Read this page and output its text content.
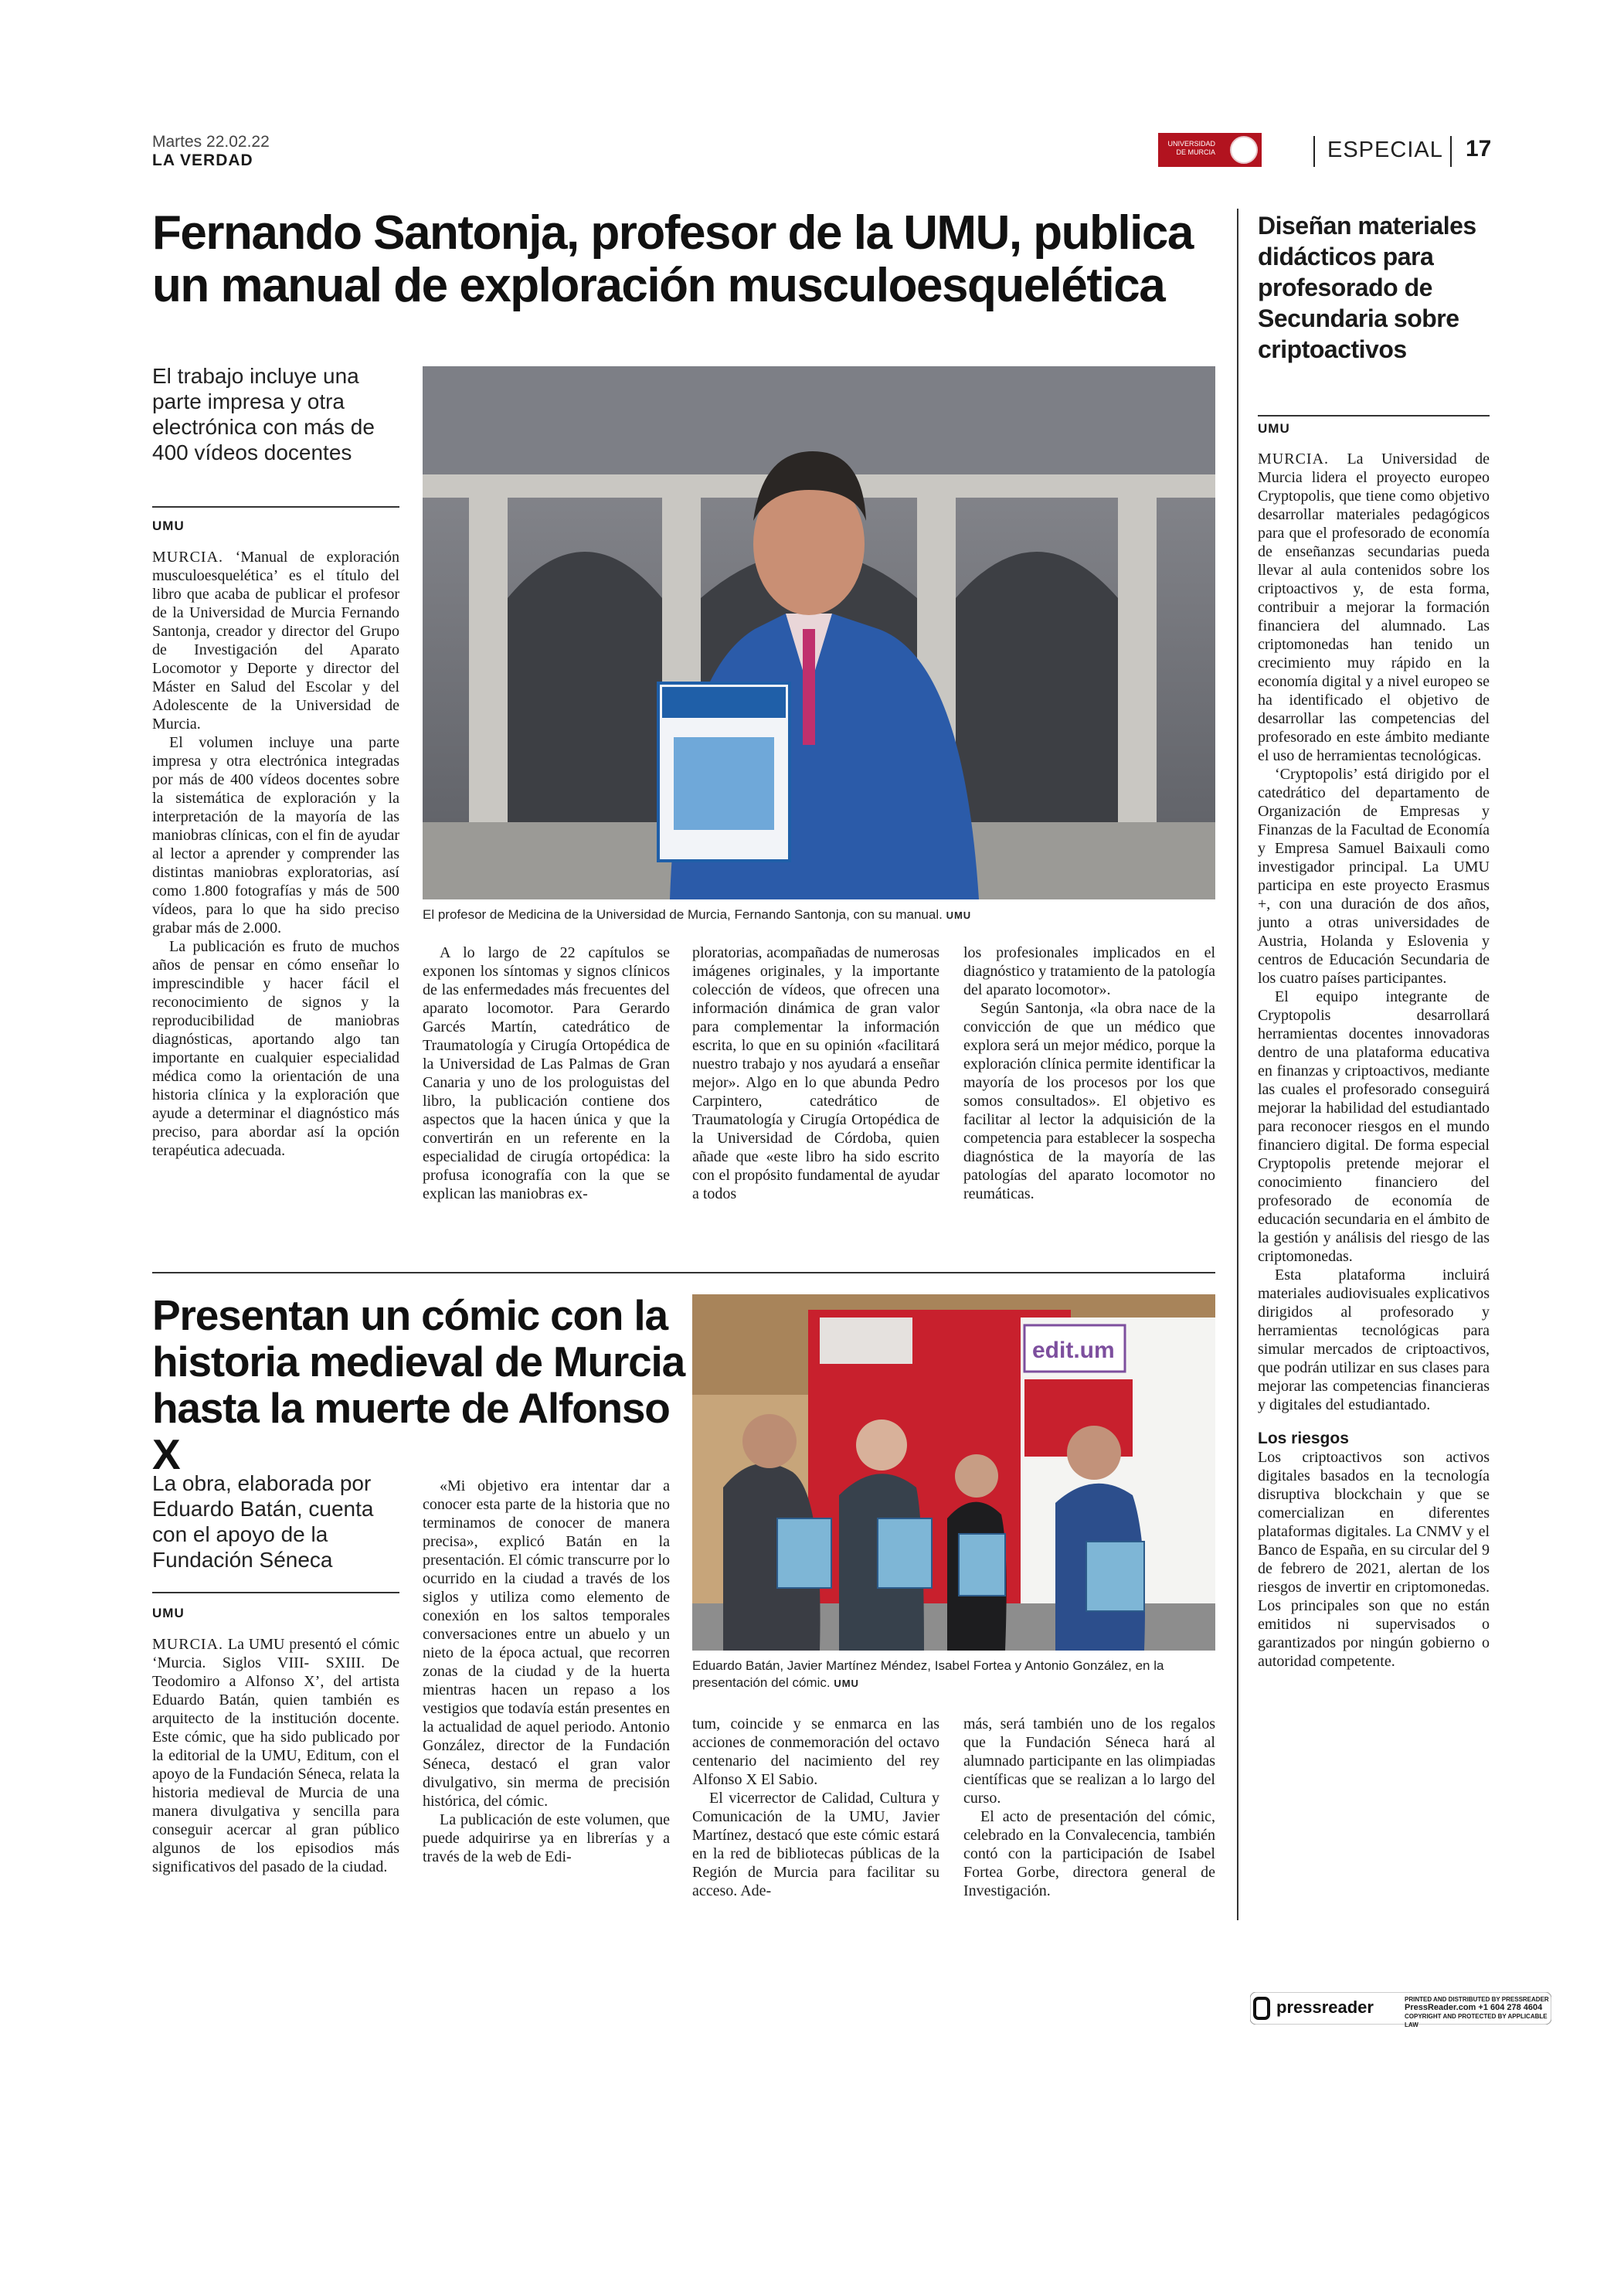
Martes 22.02.22
LA VERDAD
UNIVERSIDAD DE MURCIA	ESPECIAL 17
Fernando Santonja, profesor de la UMU, publica un manual de exploración musculoesquelética
El trabajo incluye una parte impresa y otra electrónica con más de 400 vídeos docentes
UMU

MURCIA. ‘Manual de exploración musculoesquelética’ es el título del libro que acaba de publicar el profesor de la Universidad de Murcia Fernando Santonja, creador y director del Grupo de Investigación del Aparato Locomotor y Deporte y director del Máster en Salud del Escolar y del Adolescente de la Universidad de Murcia.

El volumen incluye una parte impresa y otra electrónica integradas por más de 400 vídeos docentes sobre la sistemática de exploración y la interpretación de la mayoría de las maniobras clínicas, con el fin de ayudar al lector a aprender y comprender las distintas maniobras exploratorias, así como 1.800 fotografías y más de 500 vídeos, para lo que ha sido preciso grabar más de 2.000.

La publicación es fruto de muchos años de pensar en cómo enseñar lo imprescindible y hacer fácil el reconocimiento de signos y la reproducibilidad de maniobras diagnósticas, aportando algo tan importante en cualquier especialidad médica como la orientación de una historia clínica y la exploración que ayude a determinar el diagnóstico más preciso, para abordar así la opción terapéutica adecuada.

El profesor de Medicina de la Universidad de Murcia, Fernando Santonja, con su manual. UMU

A lo largo de 22 capítulos se exponen los síntomas y signos clínicos de las enfermedades más frecuentes del aparato locomotor. Para Gerardo Garcés Martín, catedrático de Traumatología y Cirugía Ortopédica de la Universidad de Las Palmas de Gran Canaria y uno de los prologuistas del libro, la publicación contiene dos aspectos que la hacen única y que la convertirán en un referente en la especialidad de cirugía ortopédica: la profusa iconografía con la que se explican las maniobras ex-

ploratorias, acompañadas de numerosas imágenes originales, y la importante colección de vídeos, que ofrecen una información dinámica de gran valor para complementar la información escrita, lo que en su opinión «facilitará nuestro trabajo y nos ayudará a enseñar mejor». Algo en lo que abunda Pedro Carpintero, catedrático de Traumatología y Cirugía Ortopédica de la Universidad de Córdoba, quien añade que «este libro ha sido escrito con el propósito fundamental de ayudar a todos

los profesionales implicados en el diagnóstico y tratamiento de la patología del aparato locomotor».

Según Santonja, «la obra nace de la convicción de que un médico que explora será un mejor médico, porque la exploración clínica permite identificar la mayoría de los procesos por los que somos consultados». El objetivo es facilitar al lector la adquisición de la competencia para establecer la sospecha diagnóstica de la mayoría de las patologías del aparato locomotor no reumáticas.

Presentan un cómic con la historia medieval de Murcia hasta la muerte de Alfonso X
La obra, elaborada por Eduardo Batán, cuenta con el apoyo de la Fundación Séneca
UMU

MURCIA. La UMU presentó el cómic ‘Murcia. Siglos VIII- SXIII. De Teodomiro a Alfonso X’, del artista Eduardo Batán, quien también es arquitecto de la institución docente. Este cómic, que ha sido publicado por la editorial de la UMU, Editum, con el apoyo de la Fundación Séneca, relata la historia medieval de Murcia de una manera divulgativa y sencilla para conseguir acercar al gran público algunos de los episodios más significativos del pasado de la ciudad.

«Mi objetivo era intentar dar a conocer esta parte de la historia que no terminamos de conocer de manera precisa», explicó Batán en la presentación. El cómic transcurre por lo ocurrido en la ciudad a través de los siglos y utiliza como elemento de conexión en los saltos temporales conversaciones entre un abuelo y un nieto de la época actual, que recorren zonas de la ciudad y de la huerta mientras hacen un repaso a los vestigios que todavía están presentes en la actualidad de aquel periodo. Antonio González, director de la Fundación Séneca, destacó el gran valor divulgativo, sin merma de precisión histórica, del cómic.

La publicación de este volumen, que puede adquirirse ya en librerías y a través de la web de Edi-

edit.um
Eduardo Batán, Javier Martínez Méndez, Isabel Fortea y Antonio González, en la presentación del cómic. UMU

tum, coincide y se enmarca en las acciones de conmemoración del octavo centenario del nacimiento del rey Alfonso X El Sabio.

El vicerrector de Calidad, Cultura y Comunicación de la UMU, Javier Martínez, destacó que este cómic estará en la red de bibliotecas públicas de la Región de Murcia para facilitar su acceso. Ade-

más, será también uno de los regalos que la Fundación Séneca hará al alumnado participante en las olimpiadas científicas que se realizan a lo largo del curso.

El acto de presentación del cómic, celebrado en la Convalecencia, también contó con la participación de Isabel Fortea Gorbe, directora general de Investigación.

Diseñan materiales didácticos para profesorado de Secundaria sobre criptoactivos
UMU

MURCIA. La Universidad de Murcia lidera el proyecto europeo Cryptopolis, que tiene como objetivo desarrollar materiales pedagógicos para que el profesorado de economía de enseñanzas secundarias pueda llevar al aula contenidos sobre los criptoactivos y, de esta forma, contribuir a mejorar la formación financiera del alumnado. Las criptomonedas han tenido un crecimiento muy rápido en la economía digital y a nivel europeo se ha identificado el objetivo de desarrollar las competencias del profesorado en este ámbito mediante el uso de herramientas tecnológicas.

‘Cryptopolis’ está dirigido por el catedrático del departamento de Organización de Empresas y Finanzas de la Facultad de Economía y Empresa Samuel Baixauli como investigador principal. La UMU participa en este proyecto Erasmus +, con una duración de dos años, junto a otras universidades de Austria, Holanda y Eslovenia y centros de Educación Secundaria de los cuatro países participantes.

El equipo integrante de Cryptopolis desarrollará herramientas docentes innovadoras dentro de una plataforma educativa en finanzas y criptoactivos, mediante las cuales el profesorado conseguirá mejorar la habilidad del estudiantado para reconocer riesgos en el mundo financiero digital. De forma especial Cryptopolis pretende mejorar el conocimiento financiero del profesorado de economía de educación secundaria en el ámbito de la gestión y análisis del riesgo de las criptomonedas.

Esta plataforma incluirá materiales audiovisuales explicativos dirigidos al profesorado y herramientas tecnológicas para simular mercados de criptoactivos, que podrán utilizar en sus clases para mejorar las competencias financieras y digitales del estudiantado.

Los riesgos

Los criptoactivos son activos digitales basados en la tecnología disruptiva blockchain y que se comercializan en diferentes plataformas digitales. La CNMV y el Banco de España, en su circular del 9 de febrero de 2021, alertan de los riesgos de invertir en criptomonedas. Los principales son que no están emitidos ni supervisados o garantizados por ningún gobierno o autoridad competente.

pressreader	PRINTED AND DISTRIBUTED BY PRESSREADER
PressReader.com +1 604 278 4604
COPYRIGHT AND PROTECTED BY APPLICABLE LAW
